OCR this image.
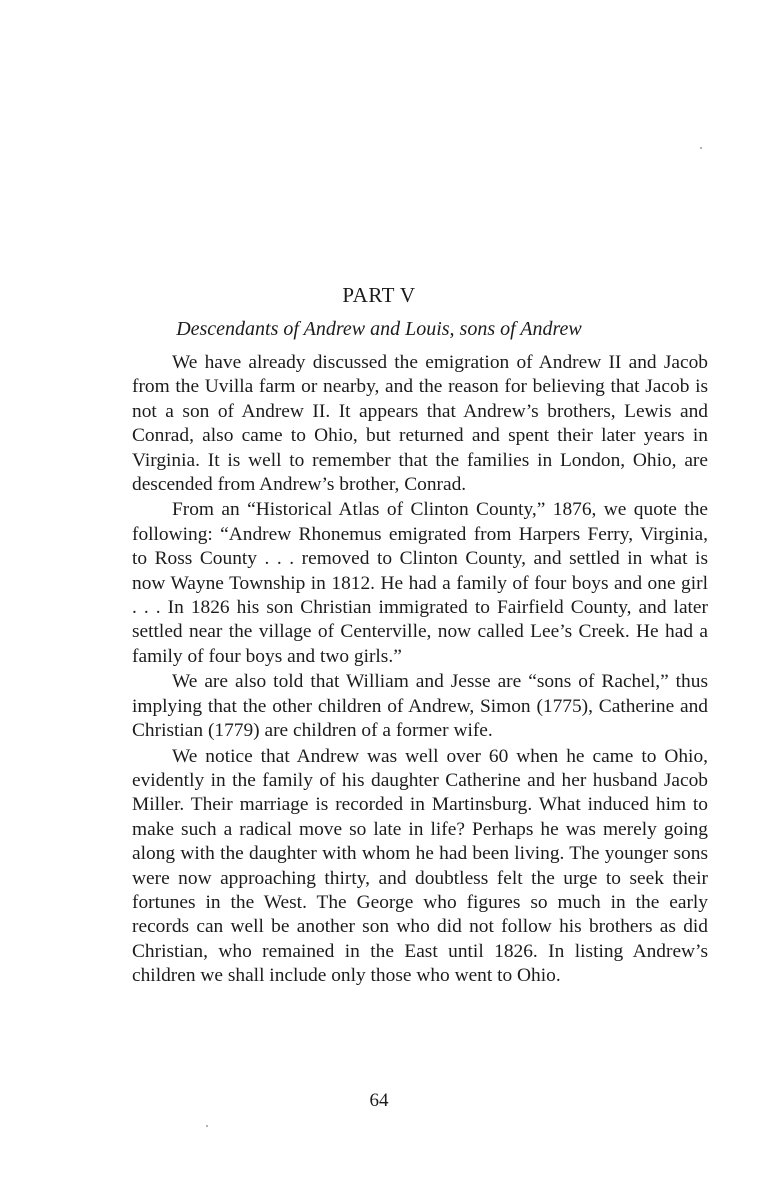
PART V
Descendants of Andrew and Louis, sons of Andrew

We have already discussed the emigration of Andrew II and Jacob from the Uvilla farm or nearby, and the reason for believing that Jacob is not a son of Andrew II. It appears that Andrew’s brothers, Lewis and Conrad, also came to Ohio, but returned and spent their later years in Virginia. It is well to remember that the families in London, Ohio, are descended from Andrew’s brother, Conrad.

From an “Historical Atlas of Clinton County,” 1876, we quote the following: “Andrew Rhonemus emigrated from Harpers Ferry, Virginia, to Ross County . . . removed to Clinton County, and settled in what is now Wayne Township in 1812. He had a family of four boys and one girl . . . In 1826 his son Christian immigrated to Fairfield County, and later settled near the village of Centerville, now called Lee’s Creek. He had a family of four boys and two girls.”

We are also told that William and Jesse are “sons of Rachel,” thus implying that the other children of Andrew, Simon (1775), Catherine and Christian (1779) are children of a former wife.

We notice that Andrew was well over 60 when he came to Ohio, evidently in the family of his daughter Catherine and her husband Jacob Miller. Their marriage is recorded in Martinsburg. What induced him to make such a radical move so late in life? Perhaps he was merely going along with the daughter with whom he had been living. The younger sons were now approaching thirty, and doubtless felt the urge to seek their fortunes in the West. The George who figures so much in the early records can well be another son who did not follow his brothers as did Christian, who remained in the East until 1826. In listing Andrew’s children we shall include only those who went to Ohio.

64
